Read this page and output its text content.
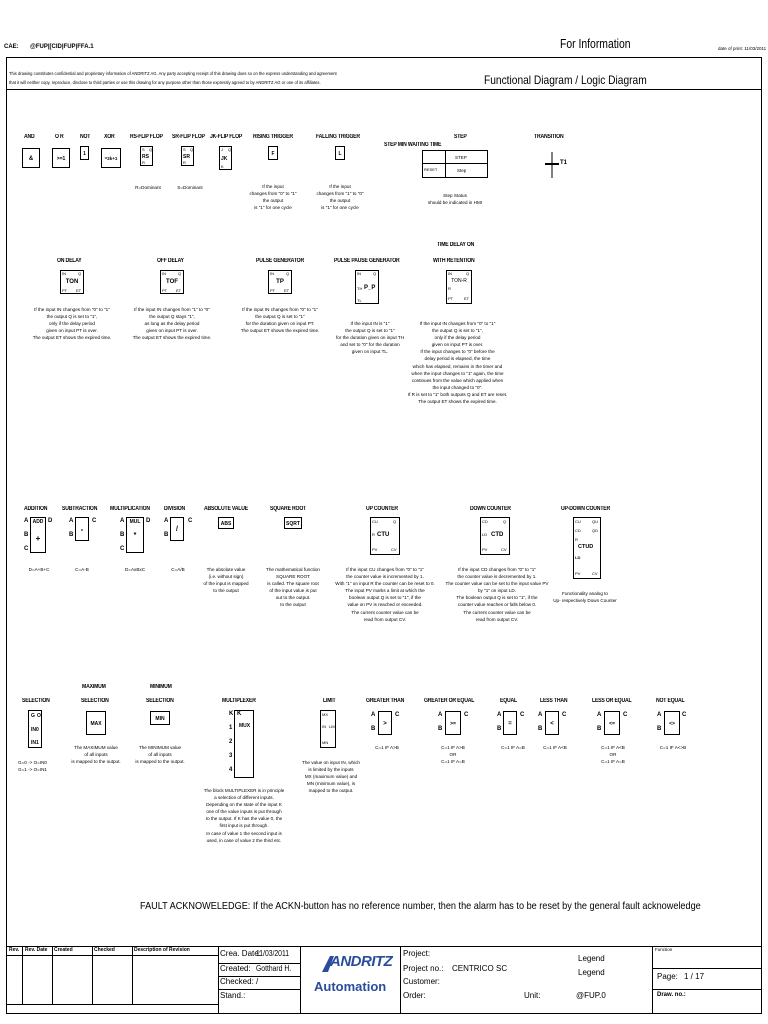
CAE: @FUP|[CID|FUP|FFA.1	For Information	date of print: 11/03/2011
This drawing constitutes confidential and proprietary information of ANDRITZ AG. Any party accepting receipt of this drawing does so on the express understanding and agreement
that it will neither copy, reproduce, disclose to third parties or use this drawing for any purpose other than those expressly agreed to by ANDRITZ AG or one of its affiliates.	Functional Diagram / Logic Diagram
AND
&
O R
>=1
NOT
1
XOR
=2k+1
RS-FLIP FLOP
S
R
Q
RS
R=Dominant
SR-FLIP FLOP
S
R
Q
SR
S=Dominant
JK-FLIP FLOP
J
K
Q
JK
RISING TRIGGER
F
If the input
changes from "0" to "1"
the output
is "1" for one cycle
FALLING TRIGGER
L
If the input
changes from "1" to "0"
the output
is "1" for one cycle
STEP
STEP MIN WAITING TIME
STEP
RESET	Step
Step Status
should be indicated in HMI
TRANSITION
T1
ON DELAY
IN	Q
TON
PT ET
If the input IN changes from "0" to "1"
the output Q is set to "1",
only if the delay period
given on input PT is over.
The output ET shows the expired time.
OFF DELAY
IN	Q
TOF
PT ET
If the input IN changes from "1" to "0"
the output Q stays "1",
as long as the delay period
given on input PT is over.
The output ET shows the expired time.
PULSE GENERATOR
IN	Q
TP
PT ET
If the input IN changes from "0" to "1"
the output Q is set to "1"
for the duration given on input PT.
The output ET shows the expired time.
PULSE PAUSE GENERATOR
IN	Q
TH P_P
TL
If the input IN is "1"
the output Q is set to "1"
for the duration given on input TH
and set to "0" for the duration
given on input TL.
TIME DELAY ON
WITH RETENTION
IN	Q
TON-R
R
PT	ET
If the input IN changes from "0" to "1"
the output Q is set to "1",
only if the delay period
given on input PT is over.
If the input changes to "0" before the
delay period is elapsed, the time
which has elapsed, remains in the timer and
when the input changes to "1" again, the time
continues from the value which applied when
the input changed to "0".
If R is set to "1" both outputs Q and ET are reset.
The output ET shows the expired time.
ADDITION
A
B
C
D
ADD
+
D=A+B+C
SUBTRACTION
A
B
C
-
C=A-B
MULTIPLICATION
A
B
C
D
MUL
*
D=AxBxC
DIVISION
A
B
C
/
C=A/B
ABSOLUTE VALUE
ABS
The absolute value
(i.e. without sign)
of the input is mapped
to the output
SQUARE ROOT
SQRT
The mathematical function
SQUARE ROOT
is called. The square root
of the input value is put
out to the output.
to the output
UP COUNTER
CU	Q
R CTU
PV	CV
If the input CU changes from "0" to "1"
the counter value is incremented by 1.
With "1" on input R the counter can be reset to 0.
The input PV marks a limit at which the
boolean output Q is set to "1", if the
value on PV is reached or exceeded.
The current counter value can be
read from output CV.
DOWN COUNTER
CD	Q
LD CTD
PV	CV
If the input CD changes from "0" to "1"
the counter value is decremented by 1.
The counter value can be set to the input value PV
by "1" on input LD.
The boolean output Q is set to "1", if the
counter value reaches or falls below 0.
The current counter value can be
read from output CV.
UP-DOWN COUNTER
CU	QU
CD	QD
R
CTUD
LD
PV	CV
Functionality analog to
Up- respectively Down Counter
SELECTION
G O
IN0
IN1
G=0 -> O=IN0
G=1 -> O=IN1
MAXIMUM
SELECTION
MAX
The MAXIMUM value
of all inputs
is mapped to the output.
MINIMUM
SELECTION
MIN
The MINIMUM value
of all inputs
is mapped to the output.
MULTIPLEXER
MUX
K K
1
2
3
4
The block MULTIPLEXER is in principle
a selection of different inputs.
Depending on the state of the input K
one of the value inputs is put through
to the output. If K has the value 0, the
first input is put through.
In case of value 1 the second input is
used, in case of value 2 the third etc.
LIMIT
MX
IN LIM
MN
The value on input IN, which
is limited by the inputs
MX (maximum value) and
MN (minimum value), is
mapped to the output.
GREATER THAN
A
B
C
>
C=1 IF A>B
GREATER OR EQUAL
A
B
C
>=
C=1 IF A>B
OR
C=1 IF A=B
EQUAL
A
B
C
=
C=1 IF A=B
LESS THAN
A
B
C
<
C=1 IF A<B
LESS OR EQUAL
A
B
C
<=
C=1 IF A<B
OR
C=1 IF A=B
NOT EQUAL
A
B
C
<>
C=1 IF A<>B
FAULT ACKNOWELEDGE: If the ACKN-button has no reference number, then the alarm has to be reset by the general fault acknoweledge
Rev. Rev. Date Created	Checked	Description of Revision	Crea. Date:
11/03/2011
Created: Gotthard H.
Checked: /
Stand.:
ANDRITZ
Automation
Project:
Project no.: CENTRICO SC
Customer:
Order:
Legend
Legend
Unit:	@FUP.0
Function
Page: 1 / 17
Draw. no.:
